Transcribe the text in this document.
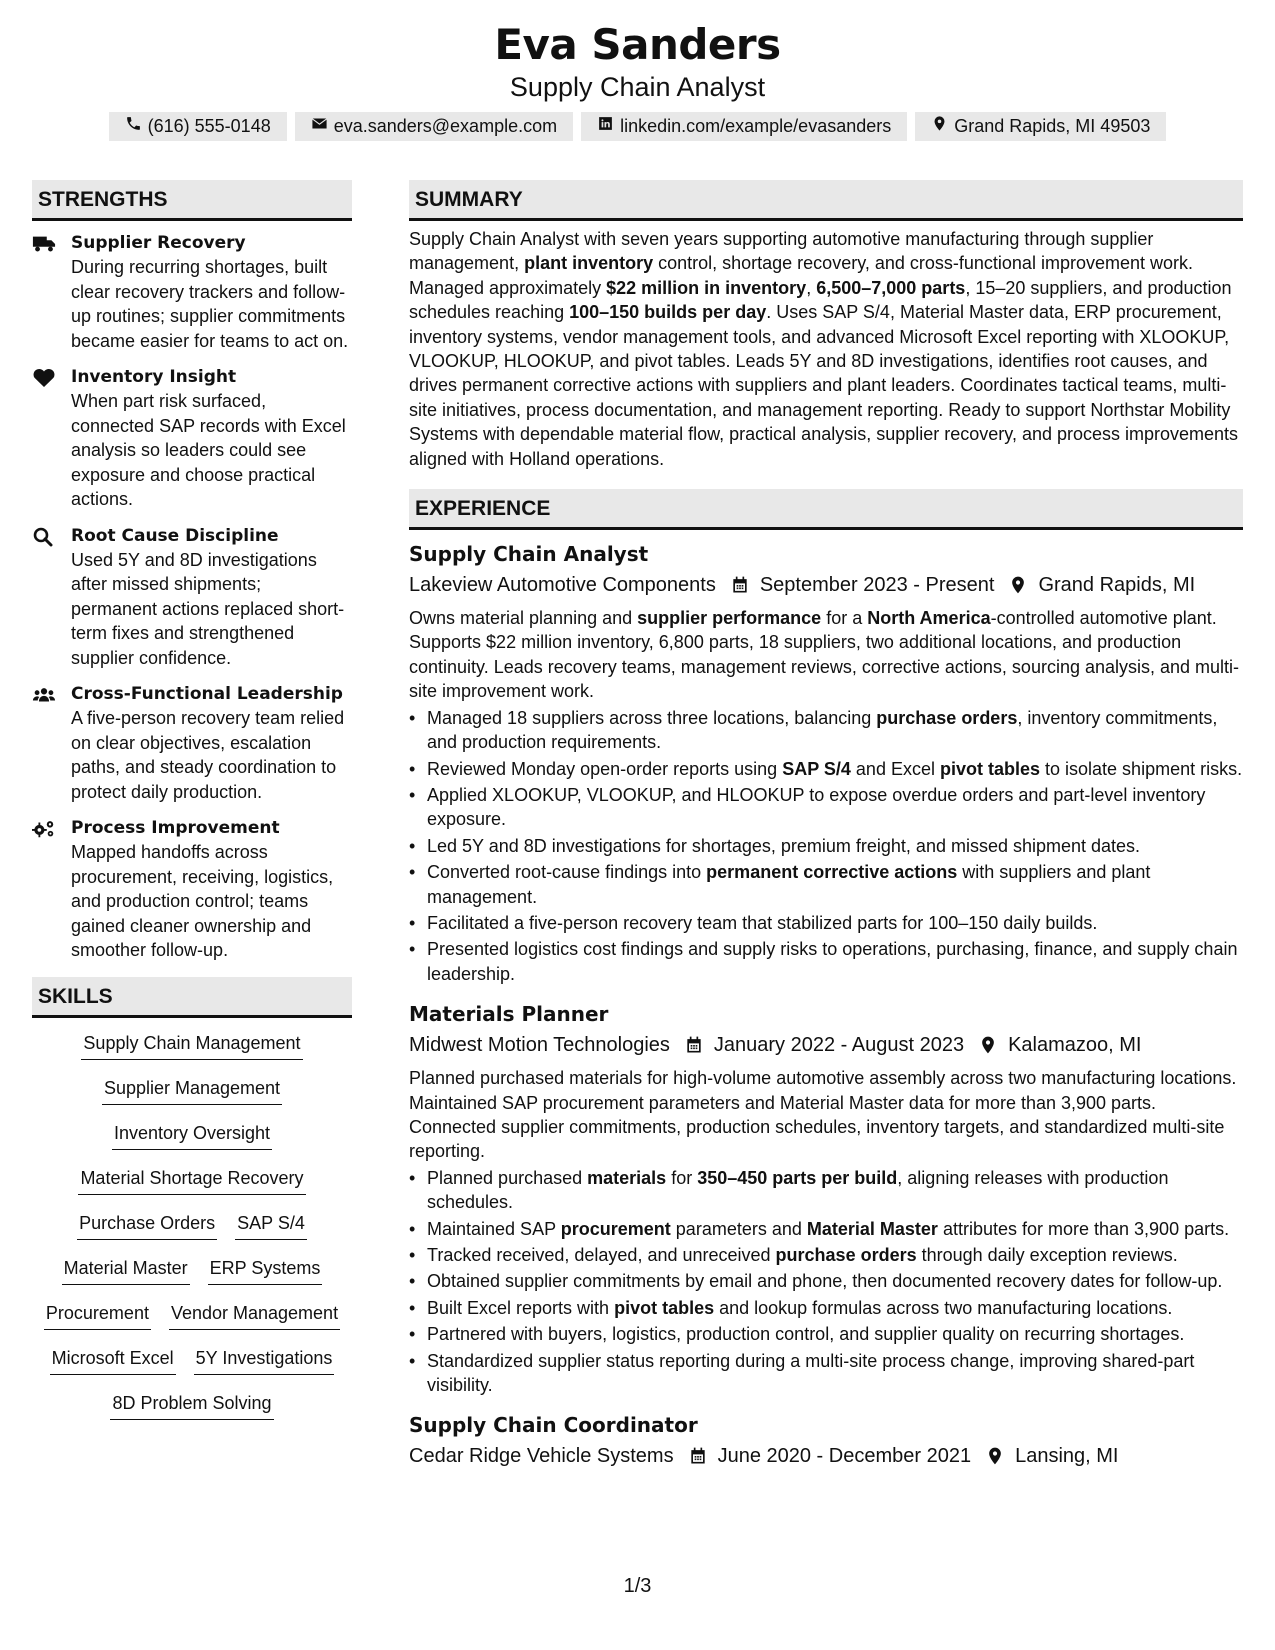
Eva Sanders
Supply Chain Analyst
(616) 555-0148	eva.sanders@example.com	linkedin.com/example/evasanders	Grand Rapids, MI 49503
STRENGTHS
Supplier Recovery
During recurring shortages, built clear recovery trackers and follow-up routines; supplier commitments became easier for teams to act on.
Inventory Insight
When part risk surfaced, connected SAP records with Excel analysis so leaders could see exposure and choose practical actions.
Root Cause Discipline
Used 5Y and 8D investigations after missed shipments; permanent actions replaced short-term fixes and strengthened supplier confidence.
Cross-Functional Leadership
A five-person recovery team relied on clear objectives, escalation paths, and steady coordination to protect daily production.
Process Improvement
Mapped handoffs across procurement, receiving, logistics, and production control; teams gained cleaner ownership and smoother follow-up.
SKILLS
Supply Chain Management
Supplier Management
Inventory Oversight
Material Shortage Recovery
Purchase Orders SAP S/4
Material Master ERP Systems
Procurement Vendor Management
Microsoft Excel 5Y Investigations
8D Problem Solving
SUMMARY

Supply Chain Analyst with seven years supporting automotive manufacturing through supplier management, plant inventory control, shortage recovery, and cross-functional improvement work. Managed approximately $22 million in inventory, 6,500–7,000 parts, 15–20 suppliers, and production schedules reaching 100–150 builds per day. Uses SAP S/4, Material Master data, ERP procurement, inventory systems, vendor management tools, and advanced Microsoft Excel reporting with XLOOKUP, VLOOKUP, HLOOKUP, and pivot tables. Leads 5Y and 8D investigations, identifies root causes, and drives permanent corrective actions with suppliers and plant leaders. Coordinates tactical teams, multi-site initiatives, process documentation, and management reporting. Ready to support Northstar Mobility Systems with dependable material flow, practical analysis, supplier recovery, and process improvements aligned with Holland operations.

EXPERIENCE
Supply Chain Analyst
Lakeview Automotive Components September 2023 - Present Grand Rapids, MI

Owns material planning and supplier performance for a North America-controlled automotive plant. Supports $22 million inventory, 6,800 parts, 18 suppliers, two additional locations, and production continuity. Leads recovery teams, management reviews, corrective actions, sourcing analysis, and multi-site improvement work.

• Managed 18 suppliers across three locations, balancing purchase orders, inventory commitments, and production requirements.
• Reviewed Monday open-order reports using SAP S/4 and Excel pivot tables to isolate shipment risks.
• Applied XLOOKUP, VLOOKUP, and HLOOKUP to expose overdue orders and part-level inventory exposure.
• Led 5Y and 8D investigations for shortages, premium freight, and missed shipment dates.
• Converted root-cause findings into permanent corrective actions with suppliers and plant management.
• Facilitated a five-person recovery team that stabilized parts for 100–150 daily builds.
• Presented logistics cost findings and supply risks to operations, purchasing, finance, and supply chain leadership.
Materials Planner
Midwest Motion Technologies January 2022 - August 2023 Kalamazoo, MI

Planned purchased materials for high-volume automotive assembly across two manufacturing locations. Maintained SAP procurement parameters and Material Master data for more than 3,900 parts. Connected supplier commitments, production schedules, inventory targets, and standardized multi-site reporting.

• Planned purchased materials for 350–450 parts per build, aligning releases with production schedules.
• Maintained SAP procurement parameters and Material Master attributes for more than 3,900 parts.
• Tracked received, delayed, and unreceived purchase orders through daily exception reviews.
• Obtained supplier commitments by email and phone, then documented recovery dates for follow-up.
• Built Excel reports with pivot tables and lookup formulas across two manufacturing locations.
• Partnered with buyers, logistics, production control, and supplier quality on recurring shortages.
• Standardized supplier status reporting during a multi-site process change, improving shared-part visibility.
Supply Chain Coordinator
Cedar Ridge Vehicle Systems June 2020 - December 2021 Lansing, MI
1/3
